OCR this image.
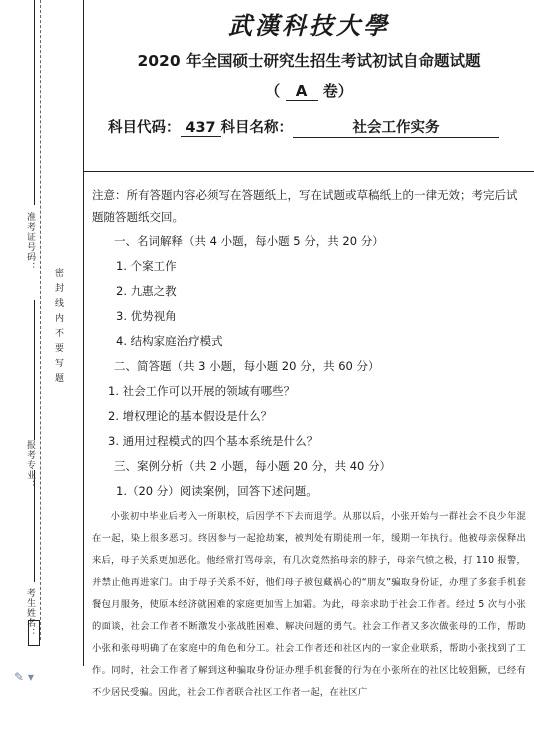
准考证号码：
密封线内不要写题
报考专业：
考生姓名：
✎ ▾
武漢科技大學
2020 年全国硕士研究生招生考试初试自命题试题
（ A 卷）
科目代码： 437 科目名称：	社会工作实务
注意：所有答题内容必须写在答题纸上，写在试题或草稿纸上的一律无效；考完后试题随答题纸交回。
一、名词解释（共 4 小题，每小题 5 分，共 20 分）
1. 个案工作
2. 九惠之教
3. 优势视角
4. 结构家庭治疗模式
二、简答题（共 3 小题，每小题 20 分，共 60 分）
1. 社会工作可以开展的领域有哪些？
2. 增权理论的基本假设是什么？
3. 通用过程模式的四个基本系统是什么？
三、案例分析（共 2 小题，每小题 20 分，共 40 分）
1.（20 分）阅读案例，回答下述问题。
小张初中毕业后考入一所职校，后因学不下去而退学。从那以后，小张开始与一群社会不良少年混在一起，染上很多恶习。终因参与一起抢劫案，被判处有期徒刑一年，缓期一年执行。他被母亲保释出来后，母子关系更加恶化。他经常打骂母亲，有几次竟然掐母亲的脖子，母亲气愤之极，打 110 报警，并禁止他再进家门。由于母子关系不好，他们母子被包藏祸心的“朋友”骗取身份证，办理了多套手机套餐包月服务，使原本经济就困难的家庭更加雪上加霜。为此，母亲求助于社会工作者。经过 5 次与小张的面谈，社会工作者不断激发小张战胜困难、解决问题的勇气。社会工作者又多次做张母的工作，帮助小张和张母明确了在家庭中的角色和分工。社会工作者还和社区内的一家企业联系，帮助小张找到了工作。同时，社会工作者了解到这种骗取身份证办理手机套餐的行为在小张所在的社区比较猖獗，已经有不少居民受骗。因此，社会工作者联合社区工作者一起，在社区广
